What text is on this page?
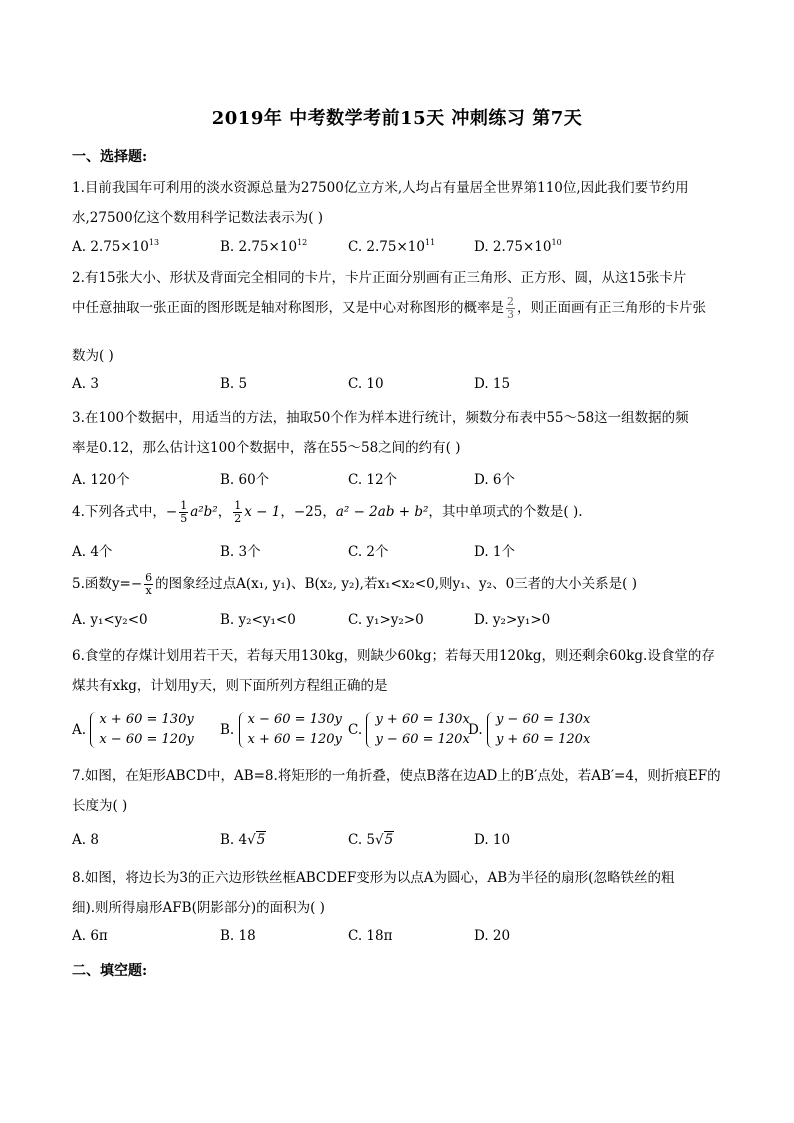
2019年 中考数学考前15天 冲刺练习 第7天
一、选择题:
1.目前我国年可利用的淡水资源总量为27500亿立方米,人均占有量居全世界第110位,因此我们要节约用
水,27500亿这个数用科学记数法表示为( )
A. $2.75\times 10^{13}$	B. $2.75\times 10^{12}$	C. $2.75\times 10^{11}$	D. $2.75\times 10^{10}$
2.有15张大小、形状及背面完全相同的卡片，卡片正面分别画有正三角形、正方形、圆，从这15张卡片
中任意抽取一张正面的图形既是轴对称图形，又是中心对称图形的概率是 $\frac{2}{3}$ ，则正面画有正三角形的卡片张
数为( )
A. 3	B. 5	C. 10	D. 15
3.在100个数据中，用适当的方法，抽取50个作为样本进行统计，频数分布表中55～58这一组数据的频
率是0.12，那么估计这100个数据中，落在55～58之间的约有( )
A. 120个	B. 60个	C. 12个	D. 6个
4.下列各式中，− $\frac{1}{5} a^2b^2$， $\frac{1}{2}$ x − 1，−25，a² − 2ab + b²，其中单项式的个数是( ).
A. 4个	B. 3个	C. 2个	D. 1个
5.函数$y=- \frac{6}{x}$ 的图象经过点A(x₁, y₁)、B(x₂, y₂),若x₁<x₂<0,则y₁、y₂、0三者的大小关系是( )
A. y₁<y₂<0	B. y₂<y₁<0	C. y₁>y₂>0	D. y₂>y₁>0
6.食堂的存煤计划用若干天，若每天用130kg，则缺少60kg；若每天用120kg，则还剩余60kg.设食堂的存
煤共有xkg，计划用y天，则下面所列方程组正确的是
A.
x + 60 = 130y
x − 60 = 120y
B.
x − 60 = 130y
x + 60 = 120y
C.
y + 60 = 130x
y − 60 = 120x
D.
y − 60 = 130x
y + 60 = 120x
7.如图，在矩形ABCD中，AB=8.将矩形的一角折叠，使点B落在边AD上的B′点处，若AB′=4，则折痕EF的
长度为( )
A. 8	B. 4√5	C. 5√5	D. 10
8.如图，将边长为3的正六边形铁丝框ABCDEF变形为以点A为圆心，AB为半径的扇形(忽略铁丝的粗
细).则所得扇形AFB(阴影部分)的面积为( )
A. 6π	B. 18	C. 18π	D. 20
二、填空题:
